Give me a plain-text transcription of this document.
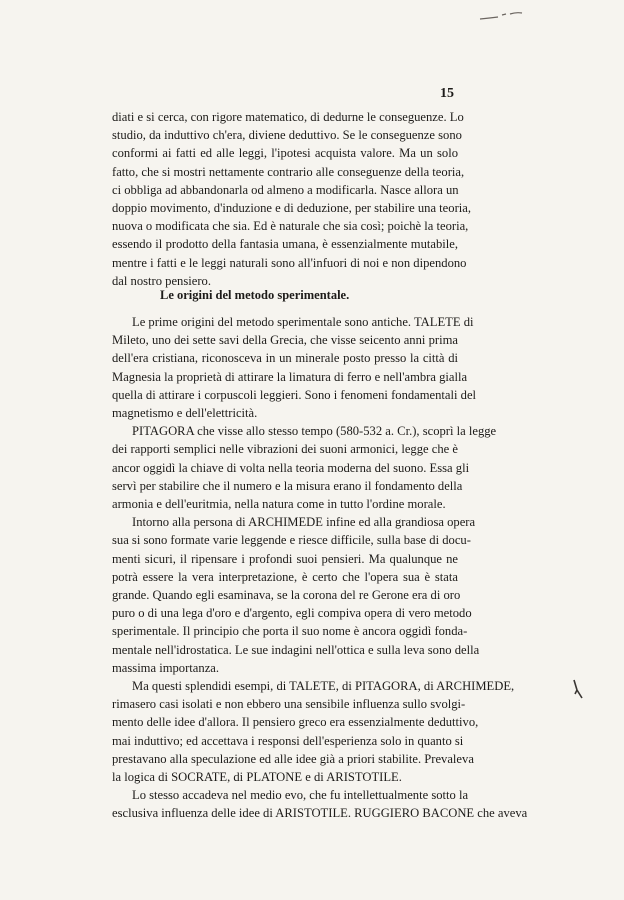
15
diati e si cerca, con rigore matematico, di dedurne le conseguenze. Lo
studio, da induttivo ch'era, diviene deduttivo. Se le conseguenze sono
conformi ai fatti ed alle leggi, l'ipotesi acquista valore. Ma un solo
fatto, che si mostri nettamente contrario alle conseguenze della teoria,
ci obbliga ad abbandonarla od almeno a modificarla. Nasce allora un
doppio movimento, d'induzione e di deduzione, per stabilire una teoria,
nuova o modificata che sia. Ed è naturale che sia così; poichè la teoria,
essendo il prodotto della fantasia umana, è essenzialmente mutabile,
mentre i fatti e le leggi naturali sono all'infuori di noi e non dipendono
dal nostro pensiero.
Le origini del metodo sperimentale.
Le prime origini del metodo sperimentale sono antiche. TALETE di
Mileto, uno dei sette savi della Grecia, che visse seicento anni prima
dell'era cristiana, riconosceva in un minerale posto presso la città di
Magnesia la proprietà di attirare la limatura di ferro e nell'ambra gialla
quella di attirare i corpuscoli leggieri. Sono i fenomeni fondamentali del
magnetismo e dell'elettricità.
PITAGORA che visse allo stesso tempo (580-532 a. Cr.), scoprì la legge
dei rapporti semplici nelle vibrazioni dei suoni armonici, legge che è
ancor oggidì la chiave di volta nella teoria moderna del suono. Essa gli
servì per stabilire che il numero e la misura erano il fondamento della
armonia e dell'euritmia, nella natura come in tutto l'ordine morale.
Intorno alla persona di ARCHIMEDE infine ed alla grandiosa opera
sua si sono formate varie leggende e riesce difficile, sulla base di docu-
menti sicuri, il ripensare i profondi suoi pensieri. Ma qualunque ne
potrà essere la vera interpretazione, è certo che l'opera sua è stata
grande. Quando egli esaminava, se la corona del re Gerone era di oro
puro o di una lega d'oro e d'argento, egli compiva opera di vero metodo
sperimentale. Il principio che porta il suo nome è ancora oggidì fonda-
mentale nell'idrostatica. Le sue indagini nell'ottica e sulla leva sono della
massima importanza.
Ma questi splendidi esempi, di TALETE, di PITAGORA, di ARCHIMEDE,
rimasero casi isolati e non ebbero una sensibile influenza sullo svolgi-
mento delle idee d'allora. Il pensiero greco era essenzialmente deduttivo,
mai induttivo; ed accettava i responsi dell'esperienza solo in quanto si
prestavano alla speculazione ed alle idee già a priori stabilite. Prevaleva
la logica di SOCRATE, di PLATONE e di ARISTOTILE.
Lo stesso accadeva nel medio evo, che fu intellettualmente sotto la
esclusiva influenza delle idee di ARISTOTILE. RUGGIERO BACONE che aveva
